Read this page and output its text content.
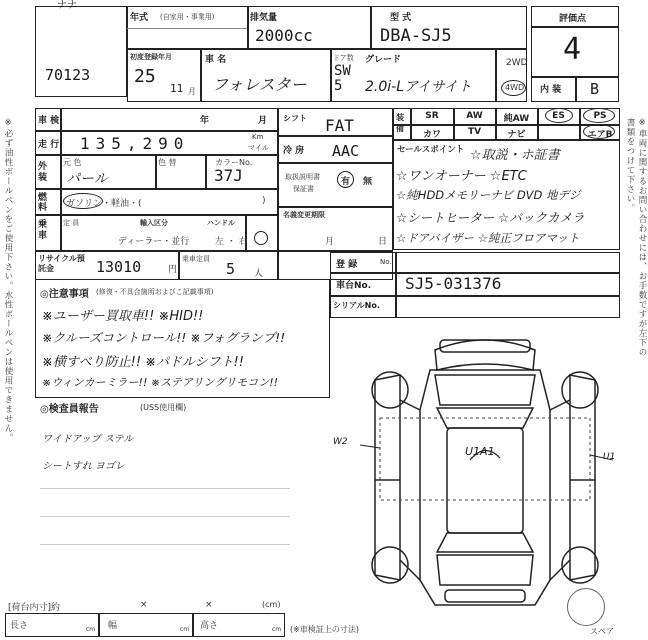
※必ず油性ボールペンをご使用下さい。水性ボールペンは使用できません。	※車両に関するお問い合わせには、お手数ですが左下の書類をつけて下さい。
ナナ
70123
年式 (自家用・事業用)	排気量
2000cc
型 式
DBA-SJ5
初度登録年月
25
11 月
車 名
フォレスター
ドア数
SW 5
グレード
2.0i-Lアイサイト
2WD
4WD
評価点
4
内 装 B
車 検	年	月
走 行 135,290	Km
マイル
外 装
元 色
パール
色 替	カラーNo.
37J
燃 料	ガソリン・軽油・(	)
乗 車
定 員	輸入区分
ディーラー・並行
ハンドル
左 ・ 右
リサイクル預託金	13010	円
乗車定員
5 人
シフト FAT
冷 房 AAC
取扱説明書
保証書
有 無
名義変更期限
月	日
装備
SR	AW	純AW	ES	PS
カワ	TV	ナビ	エアB
セールスポイント ☆取説・ホ証書
☆ワンオーナー ☆ETC
☆純HDDメモリーナビ DVD 地デジ
☆シートヒーター ☆バックカメラ
☆ドアバイザー ☆純正フロアマット
登 録	No.
車台No. SJ5-031376
シリアルNo.
◎注意事項 (修復・不具合箇所およびこ記載事項)
※ユーザー買取車!! ※HID!!
※クルーズコントロール!! ※フォグランプ!!
※横すべり防止!! ※パドルシフト!!
※ウィンカーミラー!! ※ステアリングリモコン!!
◎検査員報告	(USS使用欄)
ワイドアップ ステル
シートすれ ヨゴレ
U1A1
W2
U1
スペア
[荷台内寸]約	×	×	(cm)
長さ	cm 幅	cm 高さ	cm (※車検証上の寸法)
